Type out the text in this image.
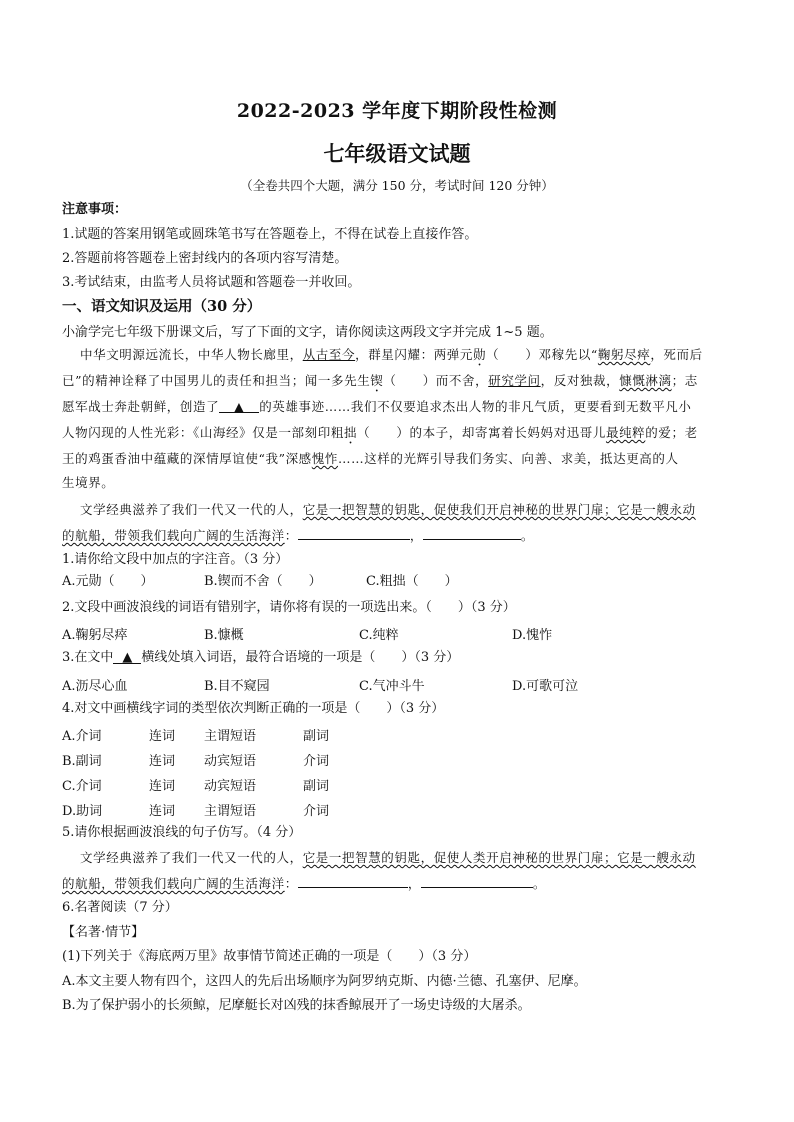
2022-2023 学年度下期阶段性检测
七年级语文试题
（全卷共四个大题，满分 150 分，考试时间 120 分钟）
注意事项：
1.试题的答案用钢笔或圆珠笔书写在答题卷上，不得在试卷上直接作答。
2.答题前将答题卷上密封线内的各项内容写清楚。
3.考试结束，由监考人员将试题和答题卷一并收回。
一、语文知识及运用（30 分）
小渝学完七年级下册课文后，写了下面的文字，请你阅读这两段文字并完成 1~5 题。
中华文明源远流长，中华人物长廊里，从古至今，群星闪耀：两弹元勋（　　）邓稼先以“鞠躬尽瘁，死而后
已”的精神诠释了中国男儿的责任和担当；闻一多先生锲（　　）而不舍，研究学问，反对独裁，慷慨淋漓；志
愿军战士奔赴朝鲜，创造了 ▲ 的英雄事迹……我们不仅要追求杰出人物的非凡气质，更要看到无数平凡小
人物闪现的人性光彩：《山海经》仅是一部刻印粗拙（　　）的本子，却寄寓着长妈妈对迅哥儿最纯粹的爱；老
王的鸡蛋香油中蕴藏的深情厚谊使“我”深感愧怍……这样的光辉引导我们务实、向善、求美，抵达更高的人
生境界。
文学经典滋养了我们一代又一代的人，它是一把智慧的钥匙，促使我们开启神秘的世界门扉；它是一艘永动
的航船，带领我们载向广阔的生活海洋：	，	。
1.请你给文段中加点的字注音。（3 分）
A.元勋（　　）	B.锲而不舍（　　）	C.粗拙（　　）
2.文段中画波浪线的词语有错别字，请你将有误的一项选出来。（　　）（3 分）
A.鞠躬尽瘁	B.慷概	C.纯粹	D.愧怍
3.在文中 ▲ 横线处填入词语，最符合语境的一项是（　　）（3 分）
A.沥尽心血	B.目不窥园	C.气冲斗牛	D.可歌可泣
4.对文中画横线字词的类型依次判断正确的一项是（　　）（3 分）
A.介词	连词 主谓短语	副词
B.副词	连词 动宾短语	介词
C.介词	连词 动宾短语	副词
D.助词	连词 主谓短语	介词
5.请你根据画波浪线的句子仿写。（4 分）
文学经典滋养了我们一代又一代的人，它是一把智慧的钥匙，促使人类开启神秘的世界门扉；它是一艘永动
的航船，带领我们载向广阔的生活海洋：	，	。
6.名著阅读（7 分）
【名著·情节】
(1)下列关于《海底两万里》故事情节简述正确的一项是（　　）（3 分）
A.本文主要人物有四个，这四人的先后出场顺序为阿罗纳克斯、内德·兰德、孔塞伊、尼摩。
B.为了保护弱小的长须鲸，尼摩艇长对凶残的抹香鲸展开了一场史诗级的大屠杀。
